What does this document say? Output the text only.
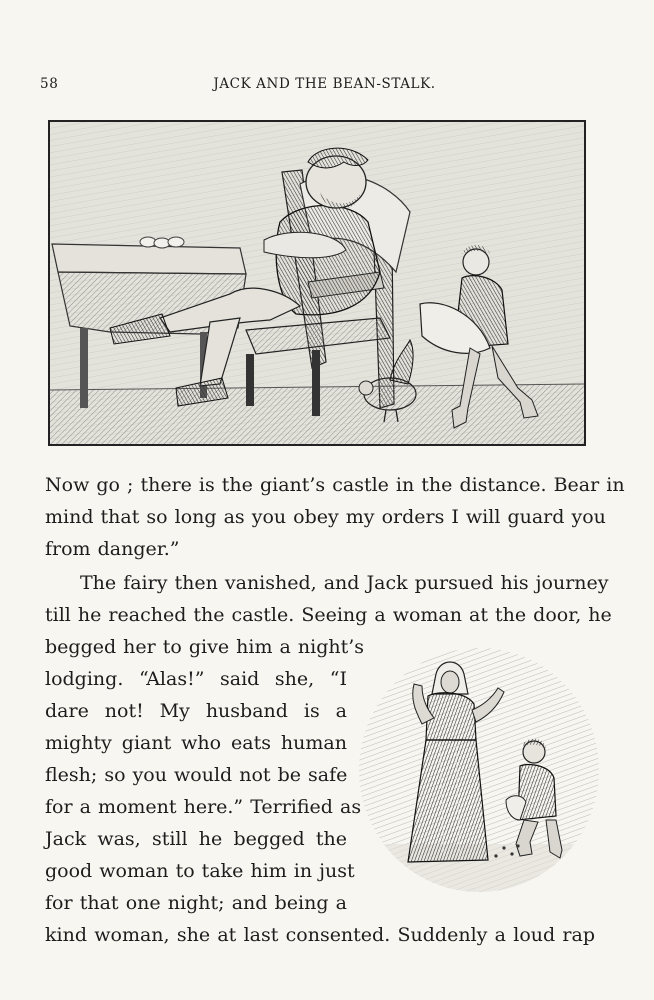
58	JACK AND THE BEAN-STALK.
Now go ; there is the giant’s castle in the distance. Bear in
mind that so long as you obey my orders I will guard you
from danger.”
The fairy then vanished, and Jack pursued his journey
till he reached the castle. Seeing a woman at the door, he
begged her to give him a night’s
lodging. “Alas!” said she, “I
dare not! My husband is a
mighty giant who eats human
flesh; so you would not be safe
for a moment here.” Terrified as
Jack was, still he begged the
good woman to take him in just
for that one night; and being a
kind woman, she at last consented. Suddenly a loud rap
